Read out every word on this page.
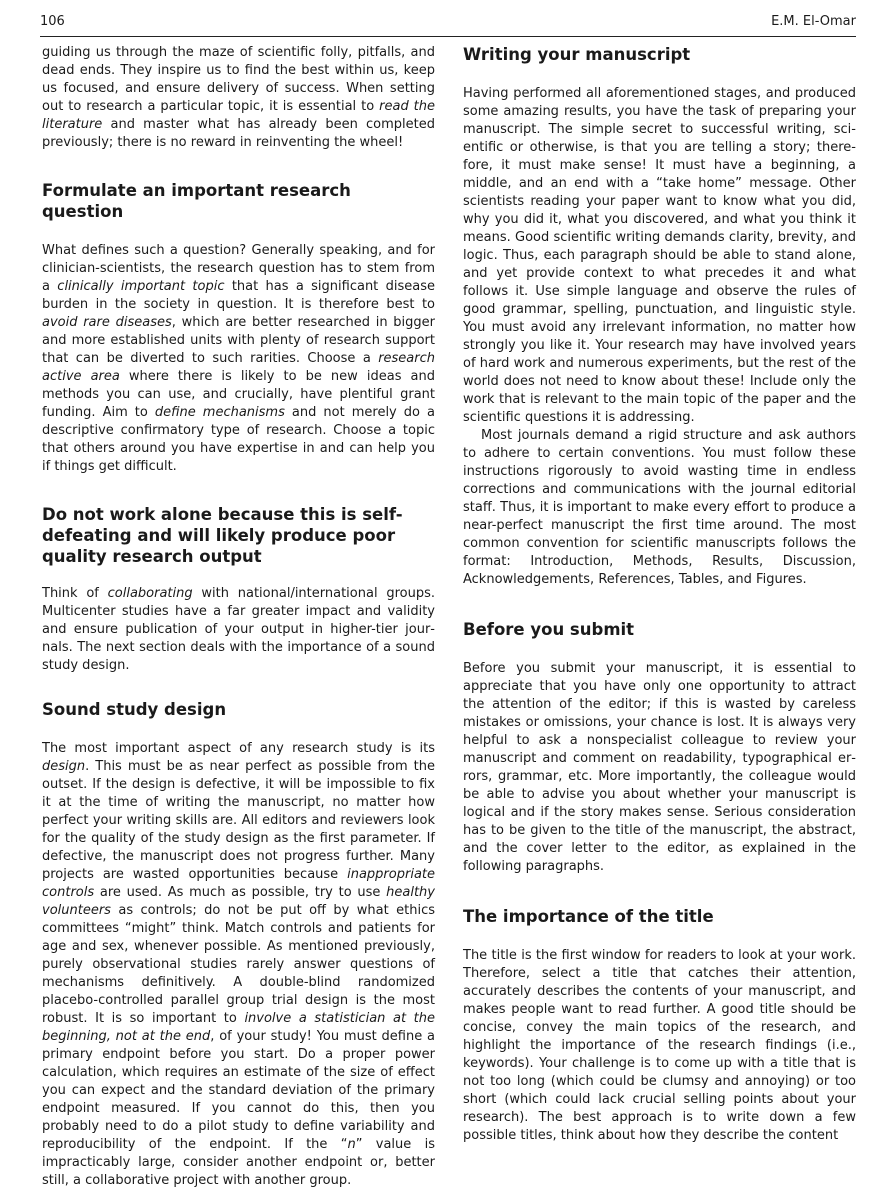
106	E.M. El-Omar

guiding us through the maze of scientific folly, pitfalls, and dead ends. They inspire us to find the best within us, keep us focused, and ensure delivery of success. When setting out to research a particular topic, it is essential to read the literature and master what has already been completed previously; there is no reward in reinventing the wheel!

Formulate an important research question

What defines such a question? Generally speaking, and for clinician-scientists, the research question has to stem from a clinically important topic that has a significant disease burden in the society in question. It is therefore best to avoid rare diseases, which are better researched in bigger and more established units with plenty of research support that can be diverted to such rarities. Choose a research active area where there is likely to be new ideas and methods you can use, and crucially, have plentiful grant funding. Aim to define mechanisms and not merely do a descriptive confirmatory type of research. Choose a topic that others around you have expertise in and can help you if things get difficult.

Do not work alone because this is self-defeating and will likely produce poor quality research output

Think of collaborating with national/international groups. Multicenter studies have a far greater impact and validity and ensure publication of your output in higher-tier journals. The next section deals with the importance of a sound study design.

Sound study design

The most important aspect of any research study is its design. This must be as near perfect as possible from the outset. If the design is defective, it will be impossible to fix it at the time of writing the manuscript, no matter how perfect your writing skills are. All editors and reviewers look for the quality of the study design as the first parameter. If defective, the manuscript does not progress further. Many projects are wasted opportunities because inappropriate controls are used. As much as possible, try to use healthy volunteers as controls; do not be put off by what ethics committees “might” think. Match controls and patients for age and sex, whenever possible. As mentioned previously, purely observational studies rarely answer questions of mechanisms definitively. A double-blind randomized placebo-controlled parallel group trial design is the most robust. It is so important to involve a statistician at the beginning, not at the end, of your study! You must define a primary endpoint before you start. Do a proper power calculation, which requires an estimate of the size of effect you can expect and the standard deviation of the primary endpoint measured. If you cannot do this, then you probably need to do a pilot study to define variability and reproducibility of the endpoint. If the “n” value is impracticably large, consider another endpoint or, better still, a collaborative project with another group.

Writing your manuscript

Having performed all aforementioned stages, and produced some amazing results, you have the task of preparing your manuscript. The simple secret to successful writing, scientific or otherwise, is that you are telling a story; therefore, it must make sense! It must have a beginning, a middle, and an end with a “take home” message. Other scientists reading your paper want to know what you did, why you did it, what you discovered, and what you think it means. Good scientific writing demands clarity, brevity, and logic. Thus, each paragraph should be able to stand alone, and yet provide context to what precedes it and what follows it. Use simple language and observe the rules of good grammar, spelling, punctuation, and linguistic style. You must avoid any irrelevant information, no matter how strongly you like it. Your research may have involved years of hard work and numerous experiments, but the rest of the world does not need to know about these! Include only the work that is relevant to the main topic of the paper and the scientific questions it is addressing.

Most journals demand a rigid structure and ask authors to adhere to certain conventions. You must follow these instructions rigorously to avoid wasting time in endless corrections and communications with the journal editorial staff. Thus, it is important to make every effort to produce a near-perfect manuscript the first time around. The most common convention for scientific manuscripts follows the format: Introduction, Methods, Results, Discussion, Acknowledgements, References, Tables, and Figures.

Before you submit

Before you submit your manuscript, it is essential to appreciate that you have only one opportunity to attract the attention of the editor; if this is wasted by careless mistakes or omissions, your chance is lost. It is always very helpful to ask a nonspecialist colleague to review your manuscript and comment on readability, typographical errors, grammar, etc. More importantly, the colleague would be able to advise you about whether your manuscript is logical and if the story makes sense. Serious consideration has to be given to the title of the manuscript, the abstract, and the cover letter to the editor, as explained in the following paragraphs.

The importance of the title

The title is the first window for readers to look at your work. Therefore, select a title that catches their attention, accurately describes the contents of your manuscript, and makes people want to read further. A good title should be concise, convey the main topics of the research, and highlight the importance of the research findings (i.e., keywords). Your challenge is to come up with a title that is not too long (which could be clumsy and annoying) or too short (which could lack crucial selling points about your research). The best approach is to write down a few possible titles, think about how they describe the content
